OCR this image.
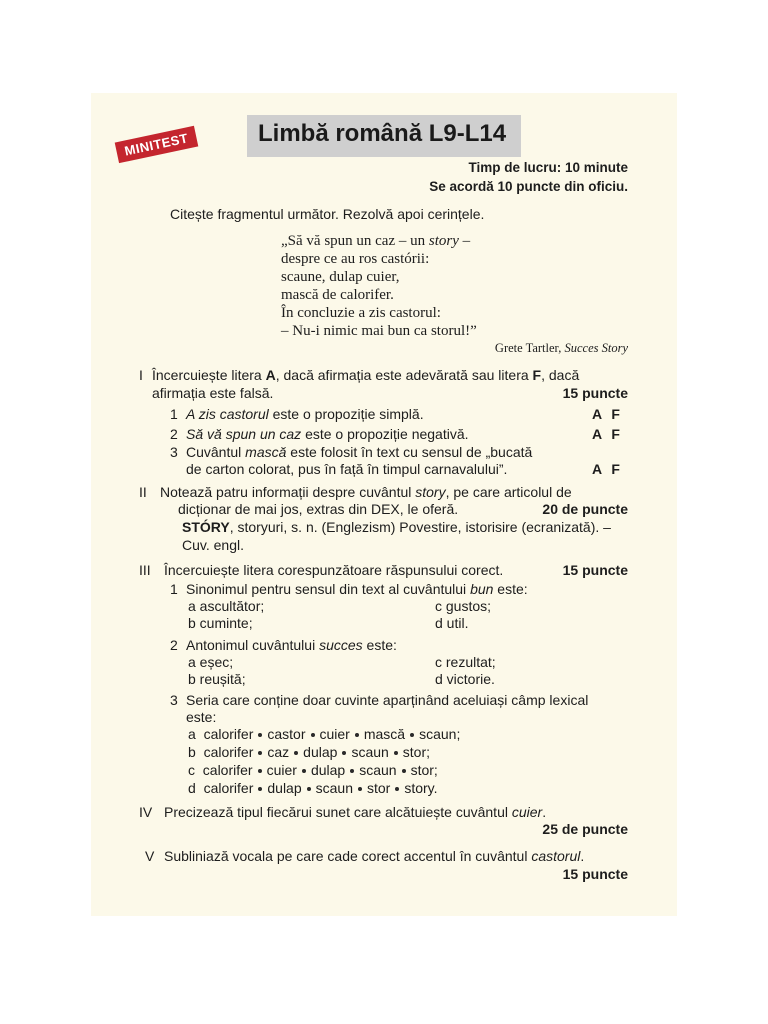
MINITEST	Limbă română L9-L14
Timp de lucru: 10 minute
Se acordă 10 puncte din oficiu.
Citește fragmentul următor. Rezolvă apoi cerințele.
„Să vă spun un caz – un story –
despre ce au ros castórii:
scaune, dulap cuier,
mască de calorifer.
În concluzie a zis castorul:
– Nu-i nimic mai bun ca storul!”
Grete Tartler, Succes Story
I Încercuiește litera A, dacă afirmația este adevărată sau litera F, dacă
afirmația este falsă.	15 puncte
1 A zis castorul este o propoziție simplă.	A F
2 Să vă spun un caz este o propoziție negativă.	A F
3 Cuvântul mască este folosit în text cu sensul de „bucată
de carton colorat, pus în față în timpul carnavalului”.	A F
II Notează patru informații despre cuvântul story, pe care articolul de
dicționar de mai jos, extras din DEX, le oferă.	20 de puncte
STÓRY, storyuri, s. n. (Englezism) Povestire, istorisire (ecranizată). –
Cuv. engl.
III Încercuiește litera corespunzătoare răspunsului corect.	15 puncte
1 Sinonimul pentru sensul din text al cuvântului bun este:
a ascultător;
b cuminte;
c gustos;
d util.
2 Antonimul cuvântului succes este:
a eșec;
b reușită;
c rezultat;
d victorie.
3 Seria care conține doar cuvinte aparținând aceluiași câmp lexical
este:
a  calorifer castor cuier mască scaun;
b  calorifer caz dulap scaun stor;
c  calorifer cuier dulap scaun stor;
d  calorifer dulap scaun stor story.
IV Precizează tipul fiecărui sunet care alcătuiește cuvântul cuier.
25 de puncte
V Subliniază vocala pe care cade corect accentul în cuvântul castorul.
15 puncte
